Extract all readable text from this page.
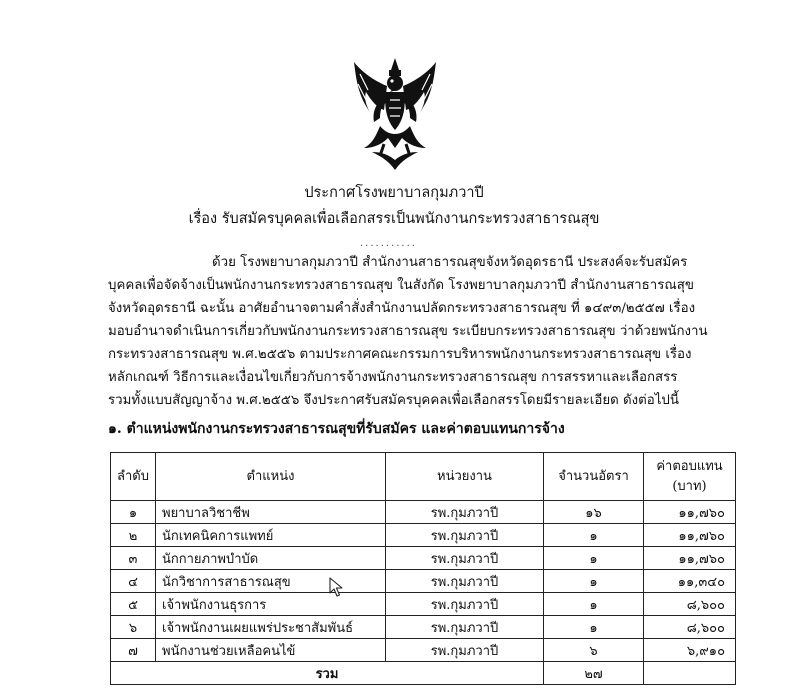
ประกาศโรงพยาบาลกุมภวาปี
เรื่อง รับสมัครบุคคลเพื่อเลือกสรรเป็นพนักงานกระทรวงสาธารณสุข
...........
ด้วย โรงพยาบาลกุมภวาปี สำนักงานสาธารณสุขจังหวัดอุดรธานี ประสงค์จะรับสมัคร
บุคคลเพื่อจัดจ้างเป็นพนักงานกระทรวงสาธารณสุข ในสังกัด โรงพยาบาลกุมภวาปี สำนักงานสาธารณสุข
จังหวัดอุดรธานี ฉะนั้น อาศัยอำนาจตามคำสั่งสำนักงานปลัดกระทรวงสาธารณสุข ที่ ๑๔๙๓/๒๕๕๗ เรื่อง
มอบอำนาจดำเนินการเกี่ยวกับพนักงานกระทรวงสาธารณสุข ระเบียบกระทรวงสาธารณสุข ว่าด้วยพนักงาน
กระทรวงสาธารณสุข พ.ศ.๒๕๕๖ ตามประกาศคณะกรรมการบริหารพนักงานกระทรวงสาธารณสุข เรื่อง
หลักเกณฑ์ วิธีการและเงื่อนไขเกี่ยวกับการจ้างพนักงานกระทรวงสาธารณสุข การสรรหาและเลือกสรร
รวมทั้งแบบสัญญาจ้าง พ.ศ.๒๕๕๖ จึงประกาศรับสมัครบุคคลเพื่อเลือกสรรโดยมีรายละเอียด ดังต่อไปนี้
๑. ตำแหน่งพนักงานกระทรวงสาธารณสุขที่รับสมัคร และค่าตอบแทนการจ้าง
ลำดับ	ตำแหน่ง	หน่วยงาน	จำนวนอัตรา	ค่าตอบแทน
(บาท)

๑	พยาบาลวิชาชีพ	รพ.กุมภวาปี	๑๖	๑๑,๗๖๐
๒	นักเทคนิคการแพทย์	รพ.กุมภวาปี	๑	๑๑,๗๖๐
๓	นักกายภาพบำบัด	รพ.กุมภวาปี	๑	๑๑,๗๖๐
๔	นักวิชาการสาธารณสุข	รพ.กุมภวาปี	๑	๑๑,๓๔๐
๕	เจ้าพนักงานธุรการ	รพ.กุมภวาปี	๑	๘,๖๐๐
๖	เจ้าพนักงานเผยแพร่ประชาสัมพันธ์	รพ.กุมภวาปี	๑	๘,๖๐๐
๗	พนักงานช่วยเหลือคนไข้	รพ.กุมภวาปี	๖	๖,๙๑๐
รวม			๒๗	
